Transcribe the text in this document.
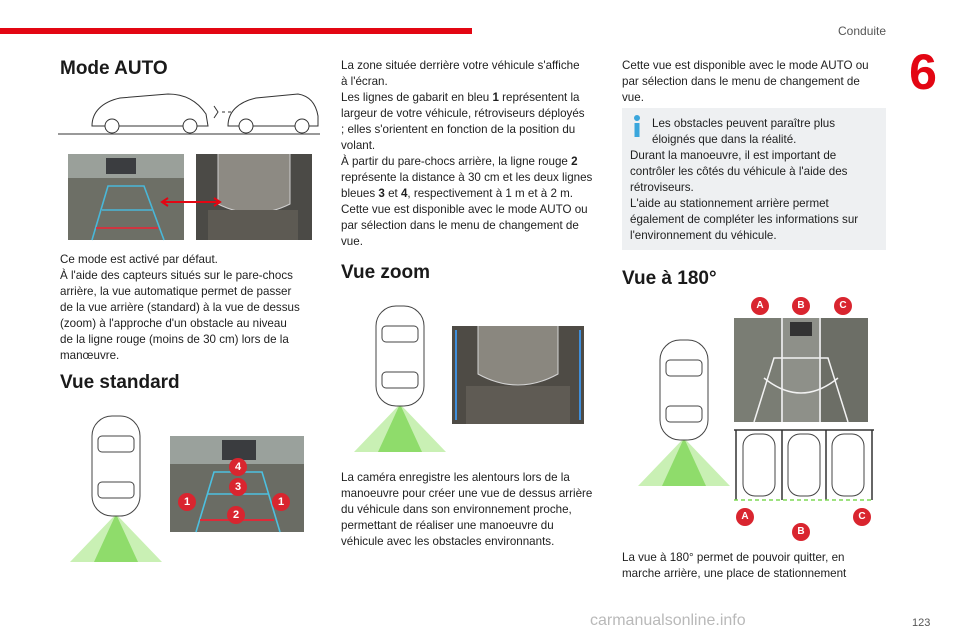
Conduite
6
Mode AUTO
Ce mode est activé par défaut.
À l'aide des capteurs situés sur le pare-chocs
arrière, la vue automatique permet de passer
de la vue arrière (standard) à la vue de dessus
(zoom) à l'approche d'un obstacle au niveau
de la ligne rouge (moins de 30 cm) lors de la
manœuvre.
Vue standard
4
3
1	1
2
La zone située derrière votre véhicule s'affiche
à l'écran.
Les lignes de gabarit en bleu 1 représentent la
largeur de votre véhicule, rétroviseurs déployés
; elles s'orientent en fonction de la position du
volant.
À partir du pare-chocs arrière, la ligne rouge 2
représente la distance à 30 cm et les deux lignes
bleues 3 et 4, respectivement à 1 m et à 2 m.
Cette vue est disponible avec le mode AUTO ou
par sélection dans le menu de changement de
vue.
Vue zoom
La caméra enregistre les alentours lors de la
manoeuvre pour créer une vue de dessus arrière
du véhicule dans son environnement proche,
permettant de réaliser une manoeuvre du
véhicule avec les obstacles environnants.
Cette vue est disponible avec le mode AUTO ou
par sélection dans le menu de changement de
vue.
Les obstacles peuvent paraître plus
éloignés que dans la réalité.
Durant la manoeuvre, il est important de
contrôler les côtés du véhicule à l'aide des
rétroviseurs.
L'aide au stationnement arrière permet
également de compléter les informations sur
l'environnement du véhicule.
Vue à 180°
A	B	C
A
B
C
La vue à 180° permet de pouvoir quitter, en
marche arrière, une place de stationnement
carmanualsonline.info	123
